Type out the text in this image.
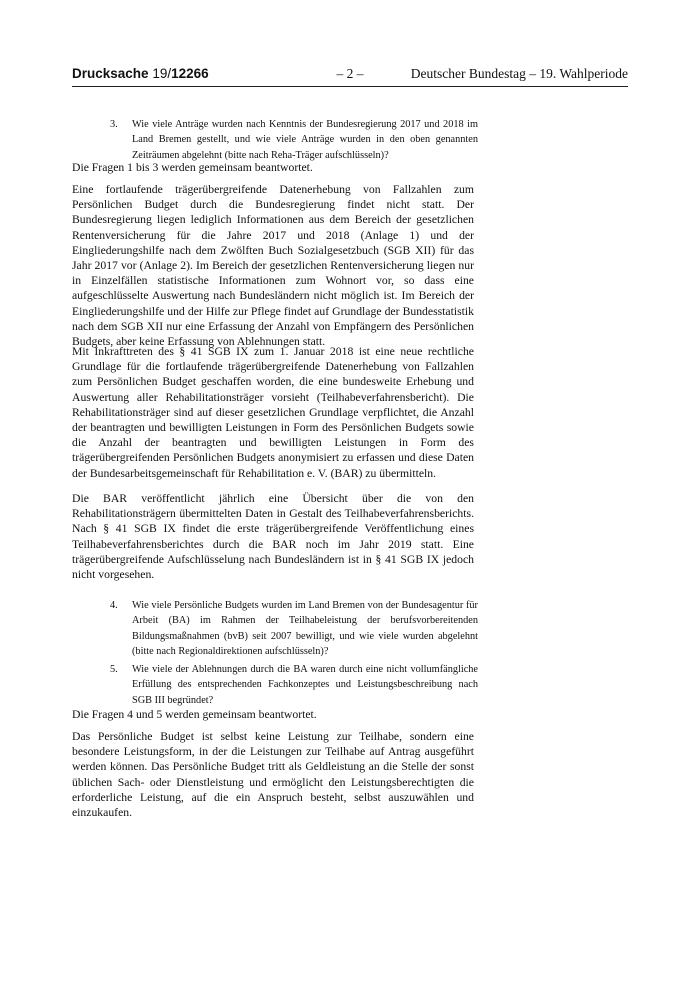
Drucksache 19/12266	– 2 –	Deutscher Bundestag – 19. Wahlperiode
3. Wie viele Anträge wurden nach Kenntnis der Bundesregierung 2017 und 2018 im Land Bremen gestellt, und wie viele Anträge wurden in den oben genannten Zeiträumen abgelehnt (bitte nach Reha-Träger aufschlüsseln)?

Die Fragen 1 bis 3 werden gemeinsam beantwortet.

Eine fortlaufende trägerübergreifende Datenerhebung von Fallzahlen zum Persönlichen Budget durch die Bundesregierung findet nicht statt. Der Bundesregierung liegen lediglich Informationen aus dem Bereich der gesetzlichen Rentenversicherung für die Jahre 2017 und 2018 (Anlage 1) und der Eingliederungshilfe nach dem Zwölften Buch Sozialgesetzbuch (SGB XII) für das Jahr 2017 vor (Anlage 2). Im Bereich der gesetzlichen Rentenversicherung liegen nur in Einzelfällen statistische Informationen zum Wohnort vor, so dass eine aufgeschlüsselte Auswertung nach Bundesländern nicht möglich ist. Im Bereich der Eingliederungshilfe und der Hilfe zur Pflege findet auf Grundlage der Bundesstatistik nach dem SGB XII nur eine Erfassung der Anzahl von Empfängern des Persönlichen Budgets, aber keine Erfassung von Ablehnungen statt.

Mit Inkrafttreten des § 41 SGB IX zum 1. Januar 2018 ist eine neue rechtliche Grundlage für die fortlaufende trägerübergreifende Datenerhebung von Fallzahlen zum Persönlichen Budget geschaffen worden, die eine bundesweite Erhebung und Auswertung aller Rehabilitationsträger vorsieht (Teilhabeverfahrensbericht). Die Rehabilitationsträger sind auf dieser gesetzlichen Grundlage verpflichtet, die Anzahl der beantragten und bewilligten Leistungen in Form des Persönlichen Budgets sowie die Anzahl der beantragten und bewilligten Leistungen in Form des trägerübergreifenden Persönlichen Budgets anonymisiert zu erfassen und diese Daten der Bundesarbeitsgemeinschaft für Rehabilitation e. V. (BAR) zu übermitteln.

Die BAR veröffentlicht jährlich eine Übersicht über die von den Rehabilitationsträgern übermittelten Daten in Gestalt des Teilhabeverfahrensberichts. Nach § 41 SGB IX findet die erste trägerübergreifende Veröffentlichung eines Teilhabeverfahrensberichtes durch die BAR noch im Jahr 2019 statt. Eine trägerübergreifende Aufschlüsselung nach Bundesländern ist in § 41 SGB IX jedoch nicht vorgesehen.

4. Wie viele Persönliche Budgets wurden im Land Bremen von der Bundesagentur für Arbeit (BA) im Rahmen der Teilhabeleistung der berufsvorbereitenden Bildungsmaßnahmen (bvB) seit 2007 bewilligt, und wie viele wurden abgelehnt (bitte nach Regionaldirektionen aufschlüsseln)?
5. Wie viele der Ablehnungen durch die BA waren durch eine nicht vollumfängliche Erfüllung des entsprechenden Fachkonzeptes und Leistungsbeschreibung nach SGB III begründet?

Die Fragen 4 und 5 werden gemeinsam beantwortet.

Das Persönliche Budget ist selbst keine Leistung zur Teilhabe, sondern eine besondere Leistungsform, in der die Leistungen zur Teilhabe auf Antrag ausgeführt werden können. Das Persönliche Budget tritt als Geldleistung an die Stelle der sonst üblichen Sach- oder Dienstleistung und ermöglicht den Leistungsberechtigten die erforderliche Leistung, auf die ein Anspruch besteht, selbst auszuwählen und einzukaufen.
